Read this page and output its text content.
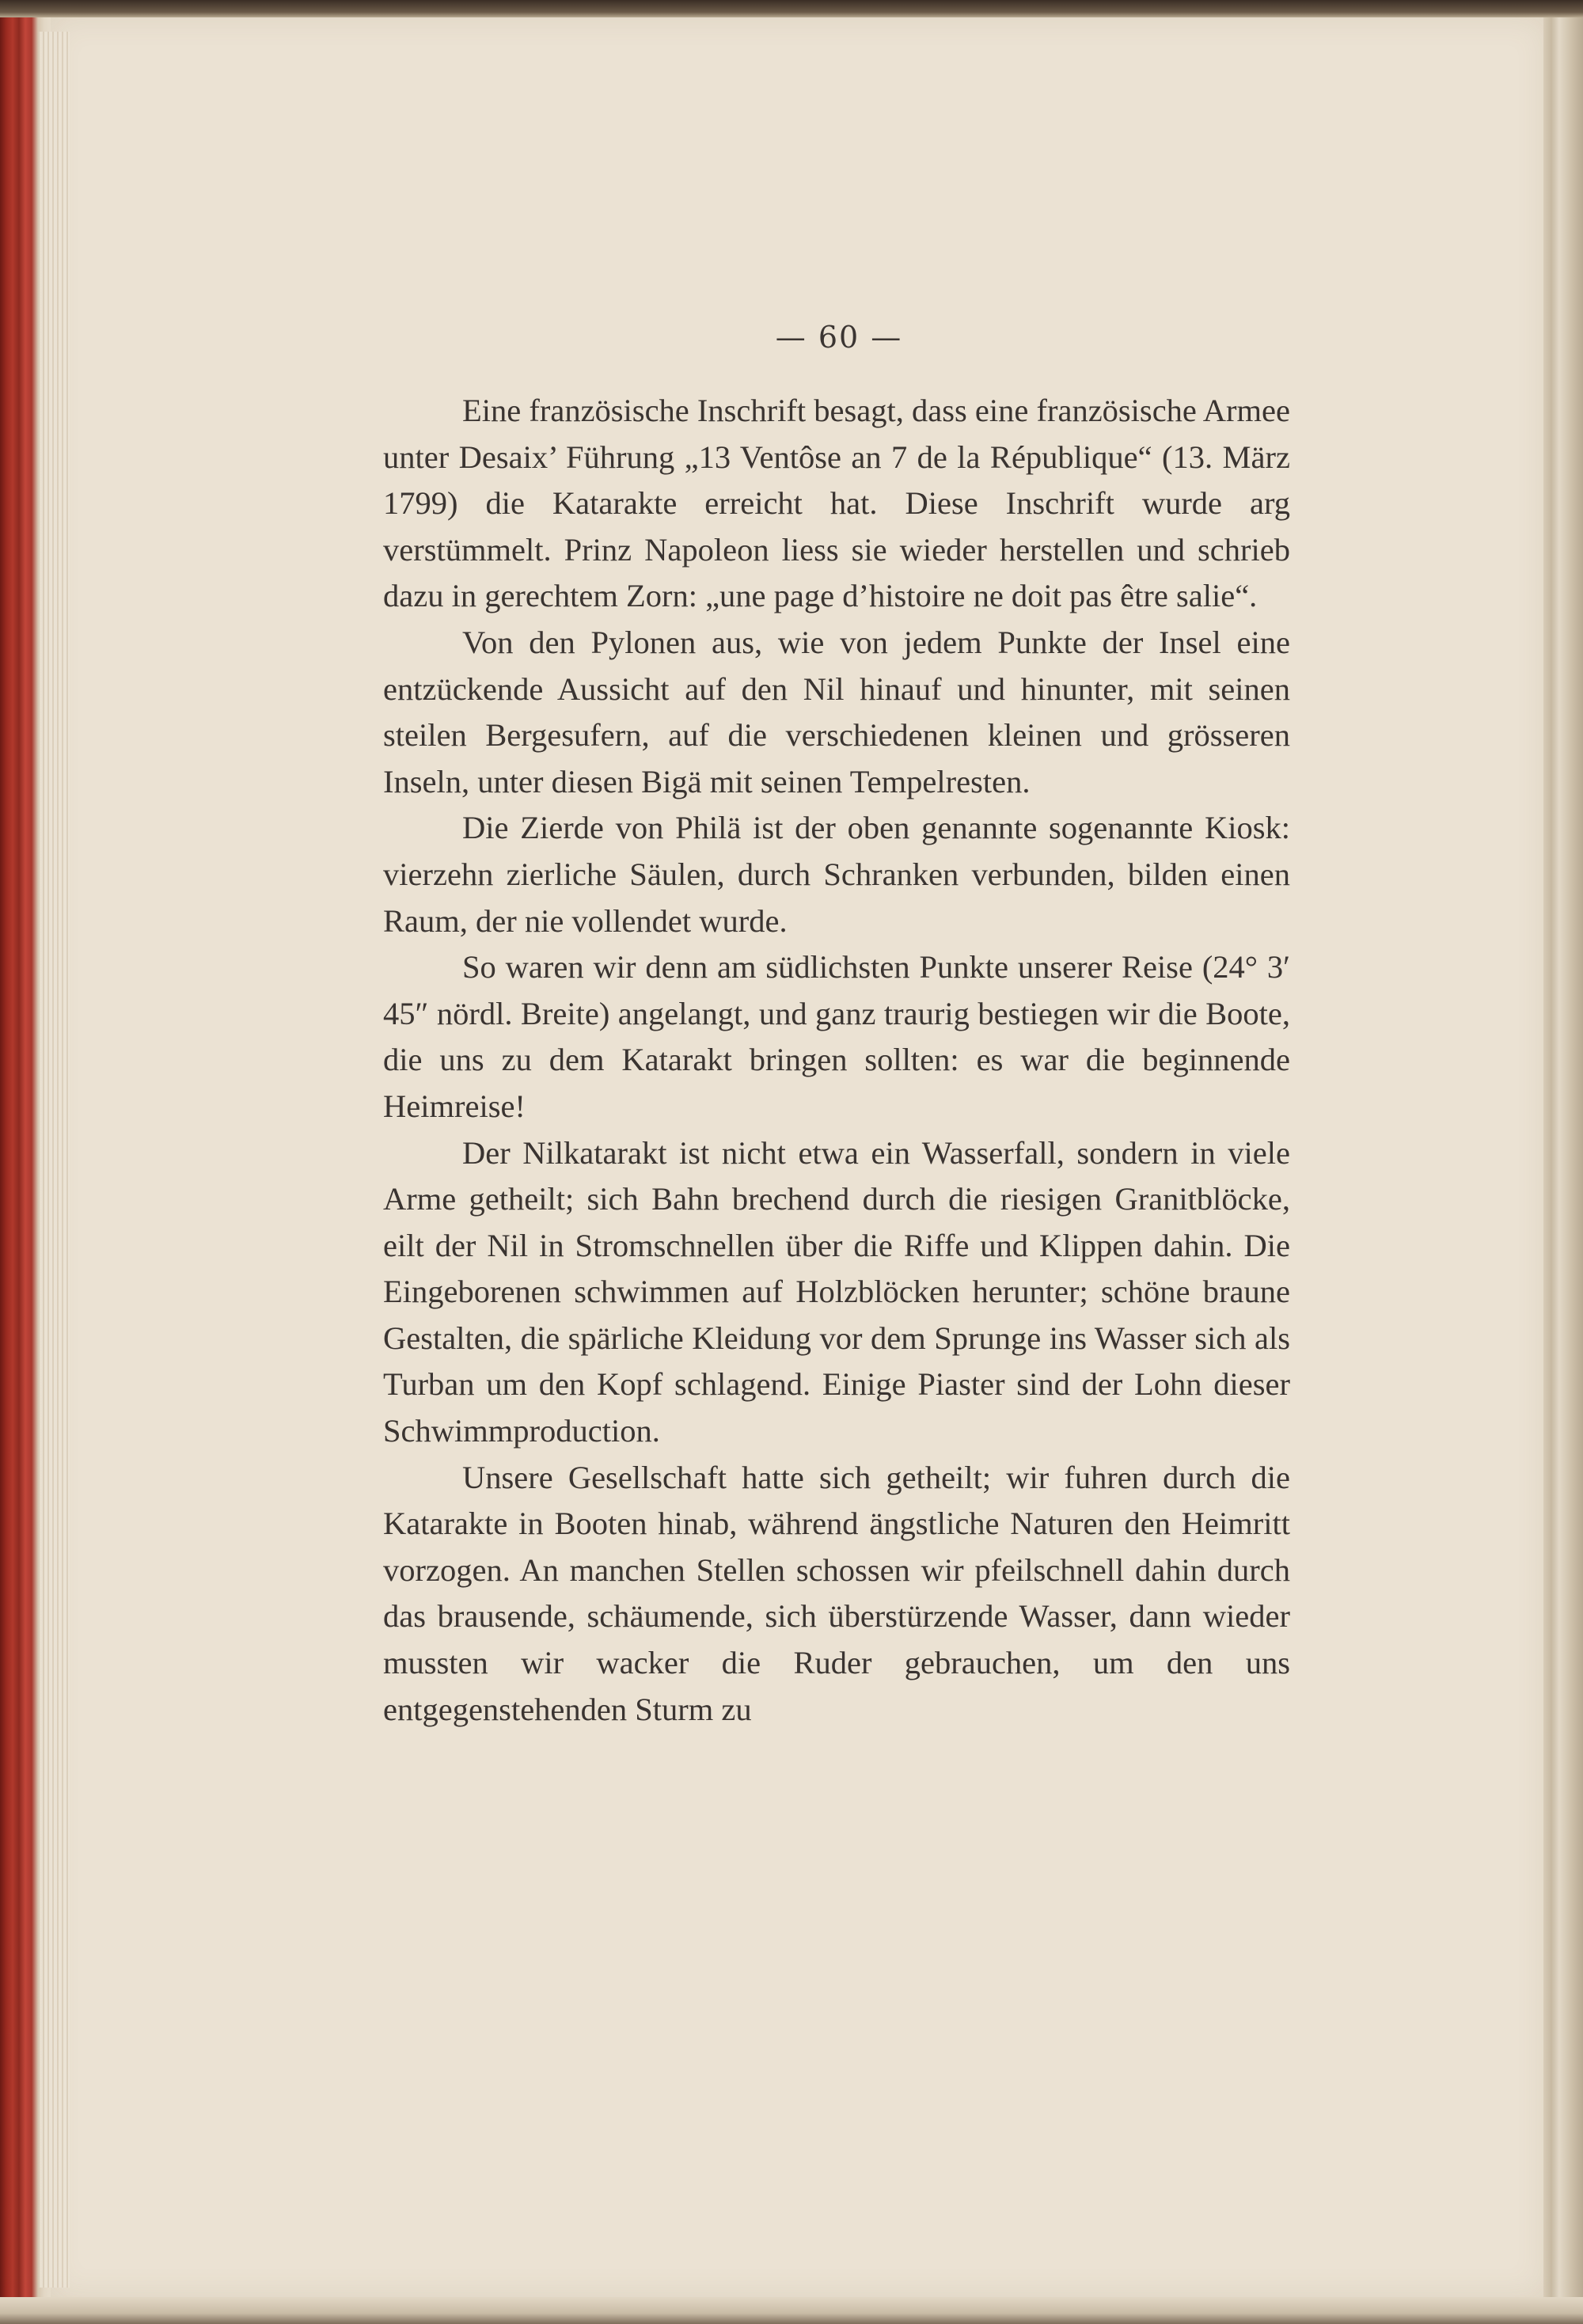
— 60 —

Eine französische Inschrift besagt, dass eine französische Armee unter Desaix’ Führung „13 Ventôse an 7 de la République“ (13. März 1799) die Katarakte erreicht hat. Diese Inschrift wurde arg verstümmelt. Prinz Napoleon liess sie wieder herstellen und schrieb dazu in gerechtem Zorn: „une page d’histoire ne doit pas être salie“.

Von den Pylonen aus, wie von jedem Punkte der Insel eine entzückende Aussicht auf den Nil hinauf und hinunter, mit seinen steilen Bergesufern, auf die verschiedenen kleinen und grösseren Inseln, unter diesen Bigä mit seinen Tempelresten.

Die Zierde von Philä ist der oben genannte sogenannte Kiosk: vierzehn zierliche Säulen, durch Schranken verbunden, bilden einen Raum, der nie vollendet wurde.

So waren wir denn am südlichsten Punkte unserer Reise (24° 3′ 45″ nördl. Breite) angelangt, und ganz traurig bestiegen wir die Boote, die uns zu dem Katarakt bringen sollten: es war die beginnende Heimreise!

Der Nilkatarakt ist nicht etwa ein Wasserfall, sondern in viele Arme getheilt; sich Bahn brechend durch die riesigen Granitblöcke, eilt der Nil in Stromschnellen über die Riffe und Klippen dahin. Die Eingeborenen schwimmen auf Holzblöcken herunter; schöne braune Gestalten, die spärliche Kleidung vor dem Sprunge ins Wasser sich als Turban um den Kopf schlagend. Einige Piaster sind der Lohn dieser Schwimmproduction.

Unsere Gesellschaft hatte sich getheilt; wir fuhren durch die Katarakte in Booten hinab, während ängstliche Naturen den Heimritt vorzogen. An manchen Stellen schossen wir pfeilschnell dahin durch das brausende, schäumende, sich überstürzende Wasser, dann wieder mussten wir wacker die Ruder gebrauchen, um den uns entgegenstehenden Sturm zu
